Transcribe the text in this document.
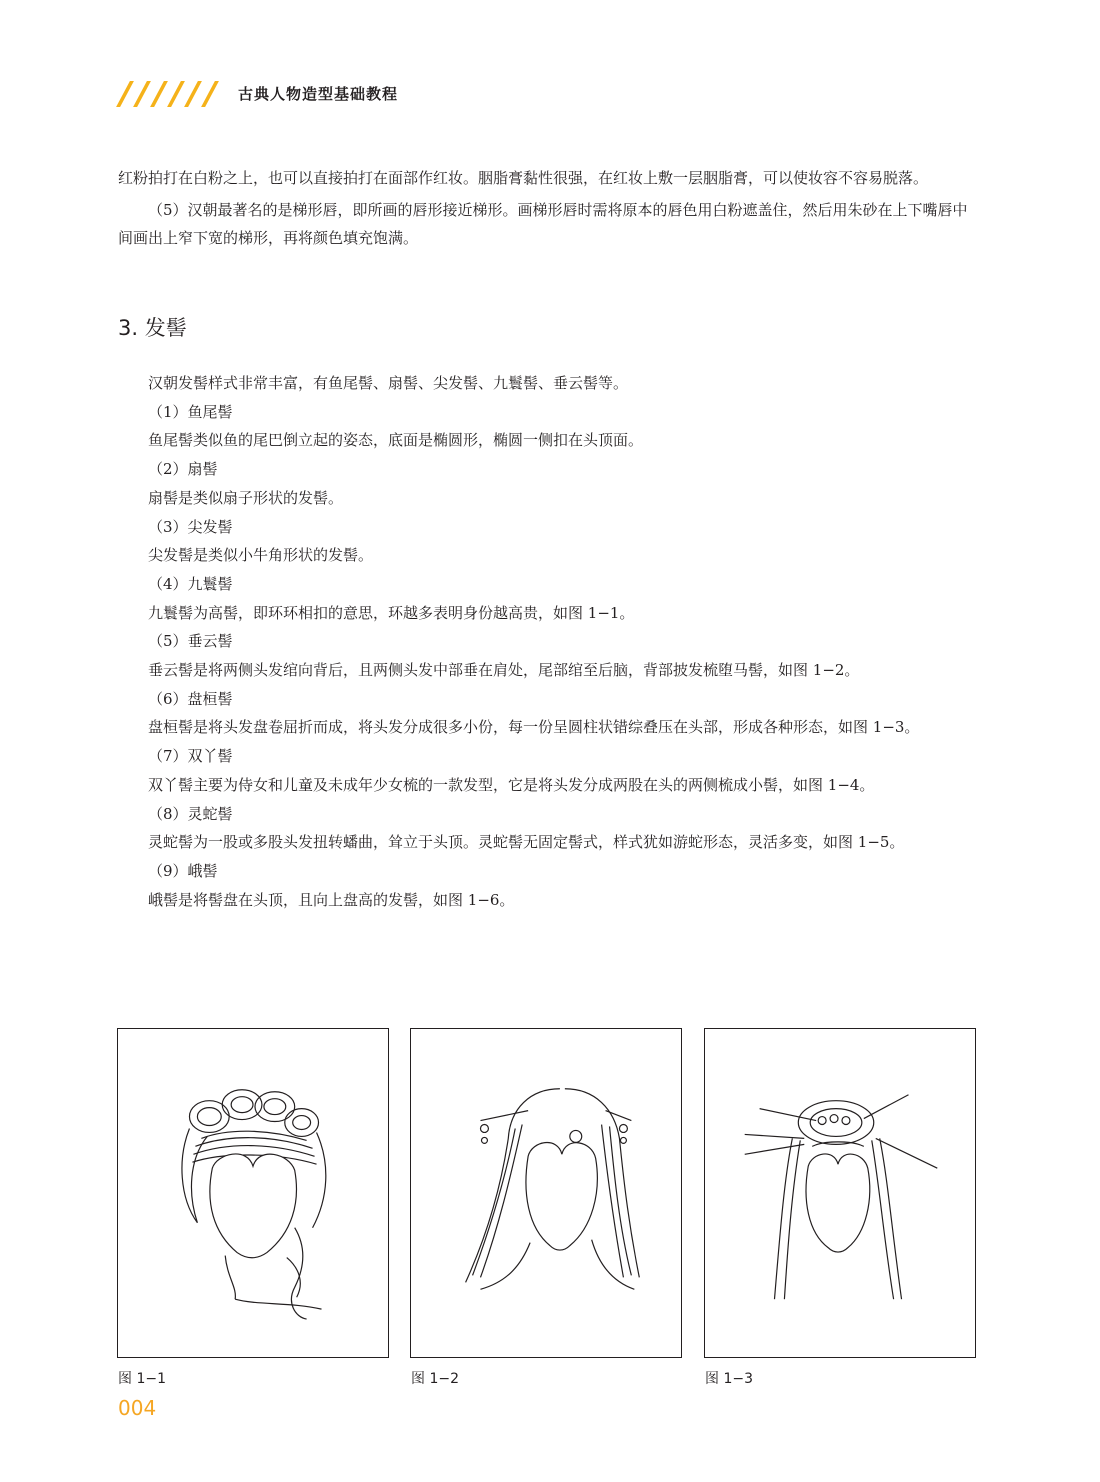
古典人物造型基础教程

红粉拍打在白粉之上，也可以直接拍打在面部作红妆。胭脂膏黏性很强，在红妆上敷一层胭脂膏，可以使妆容不容易脱落。

（5）汉朝最著名的是梯形唇，即所画的唇形接近梯形。画梯形唇时需将原本的唇色用白粉遮盖住，然后用朱砂在上下嘴唇中间画出上窄下宽的梯形，再将颜色填充饱满。

3. 发髻

汉朝发髻样式非常丰富，有鱼尾髻、扇髻、尖发髻、九鬟髻、垂云髻等。

（1）鱼尾髻

鱼尾髻类似鱼的尾巴倒立起的姿态，底面是椭圆形，椭圆一侧扣在头顶面。

（2）扇髻

扇髻是类似扇子形状的发髻。

（3）尖发髻

尖发髻是类似小牛角形状的发髻。

（4）九鬟髻

九鬟髻为高髻，即环环相扣的意思，环越多表明身份越高贵，如图 1−1。

（5）垂云髻

垂云髻是将两侧头发绾向背后，且两侧头发中部垂在肩处，尾部绾至后脑，背部披发梳堕马髻，如图 1−2。

（6）盘桓髻

盘桓髻是将头发盘卷屈折而成，将头发分成很多小份，每一份呈圆柱状错综叠压在头部，形成各种形态，如图 1−3。

（7）双丫髻

双丫髻主要为侍女和儿童及未成年少女梳的一款发型，它是将头发分成两股在头的两侧梳成小髻，如图 1−4。

（8）灵蛇髻

灵蛇髻为一股或多股头发扭转蟠曲，耸立于头顶。灵蛇髻无固定髻式，样式犹如游蛇形态，灵活多变，如图 1−5。

（9）峨髻

峨髻是将髻盘在头顶，且向上盘高的发髻，如图 1−6。

图 1−1	图 1−2	图 1−3
004
